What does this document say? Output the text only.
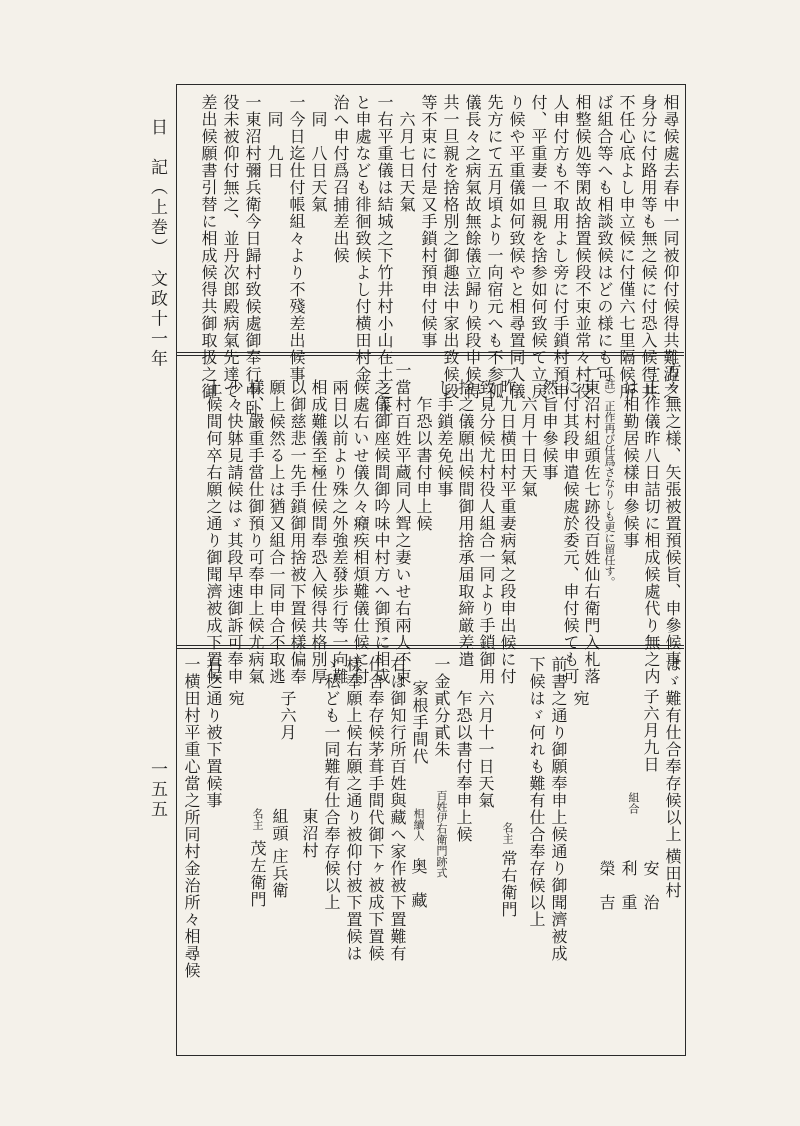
日　記（上巻）　文政十一年
一五五
相尋候處去春中一同被仰付候得共難澁之
身分に付路用等も無之候に付恐入候得共
不任心底よし申立候に付僅六七里隔候所
ば組合等へも相談致候はどの様にも可
相整候処等閑故捨置候段不束並常々村役
人申付方も不取用よし旁に付手鎖村預申
付、平重妻一旦親を捨参如何致候て立戻
り候や平重儀如何致候やと相尋置同人儀
先方にて五月頃より一向宿元へも不参孤
儀長々之病氣故無餘儀立歸り候段申候得
共一旦親を捨格別之御趣法中家出致候段
等不束に付是又手鎖村預申付候事
　六月七日天氣
一右平重儀は結城之下竹井村小山在土之上
と申處なども徘徊致候よし付横田村金
治へ申付爲召捕差出候
　同　八日天氣
一今日迄仕付帳組々より不殘差出候事
　同　九日
一東沼村彌兵衛今日歸村致候處御奉行中卧
役未被仰付無之、並丹次郎殿病氣先達て
差出候願書引替に相成候得共御取扱之御
方々無之様、矢張被置預候旨、申參候事
一正作儀昨八日詰切に相成候處代り無之内
　は相勤居候樣申參候事
　（註）正作再び任爲さなりしも更に留任す。
一東沼村組頭佐七跡役百姓仙右衛門入札落
　に付其段申遣候處於委元、申付候ても可
　然旨申參候事
　　六月十日天氣
一昨九日横田村平重妻病氣之段申出候に付
　致見分候尤村役人組合一同より手鎖御用
　捨之儀願出候間御用捨承届取締厳差遣
　し手鎖差免候事
　　乍恐以書付申上候
一當村百姓平蔵同人聟之妻いせ右兩人不束
　之儀御座候間御吟味中村方へ御預に相成
　候處右いせ儀久々癪疾相煩難儀仕候に付
　兩日以前より殊之外強差發歩行等一向難
　相成難儀至極仕候間奉恐入候得共格別厚
　以御慈悲一先手鎖御用捨被下置候樣偏奉
　願上候然る上は猶又組合一同申合不取逃
　樣、嚴重手當仕御預り可奉申上候尤病氣
　少々快躰見請候はゞ其段早速御訴可奉申
　上候間何卒右願之通り御聞濟被成下置候
はゞ難有仕合奉存候以上
子六月九日
横田村
組合
安　治
利　重
榮　吉
宛
前書之通り御願奉申上候通り御聞濟被成
下候はゞ何れも難有仕合奉存候以上
名主
常右衛門
六月十一日天氣
乍恐以書付奉申上候
一金貳分貳朱
百姓伊右衛門跡式
相續人
奥　藏
家根手間代
右は御知行所百姓與藏へ家作被下置難有
仕合奉存候茅葺手間代御下ヶ被成下置候
樣奉願上候右願之通り被仰付被下置候は
ゞ私ども一同難有仕合奉存候以上
東沼村
子六月
組頭
庄兵衛
名主
茂左衛門
宛
右之通り被下置候事
一横田村平重心當之所同村金治所々相尋候
